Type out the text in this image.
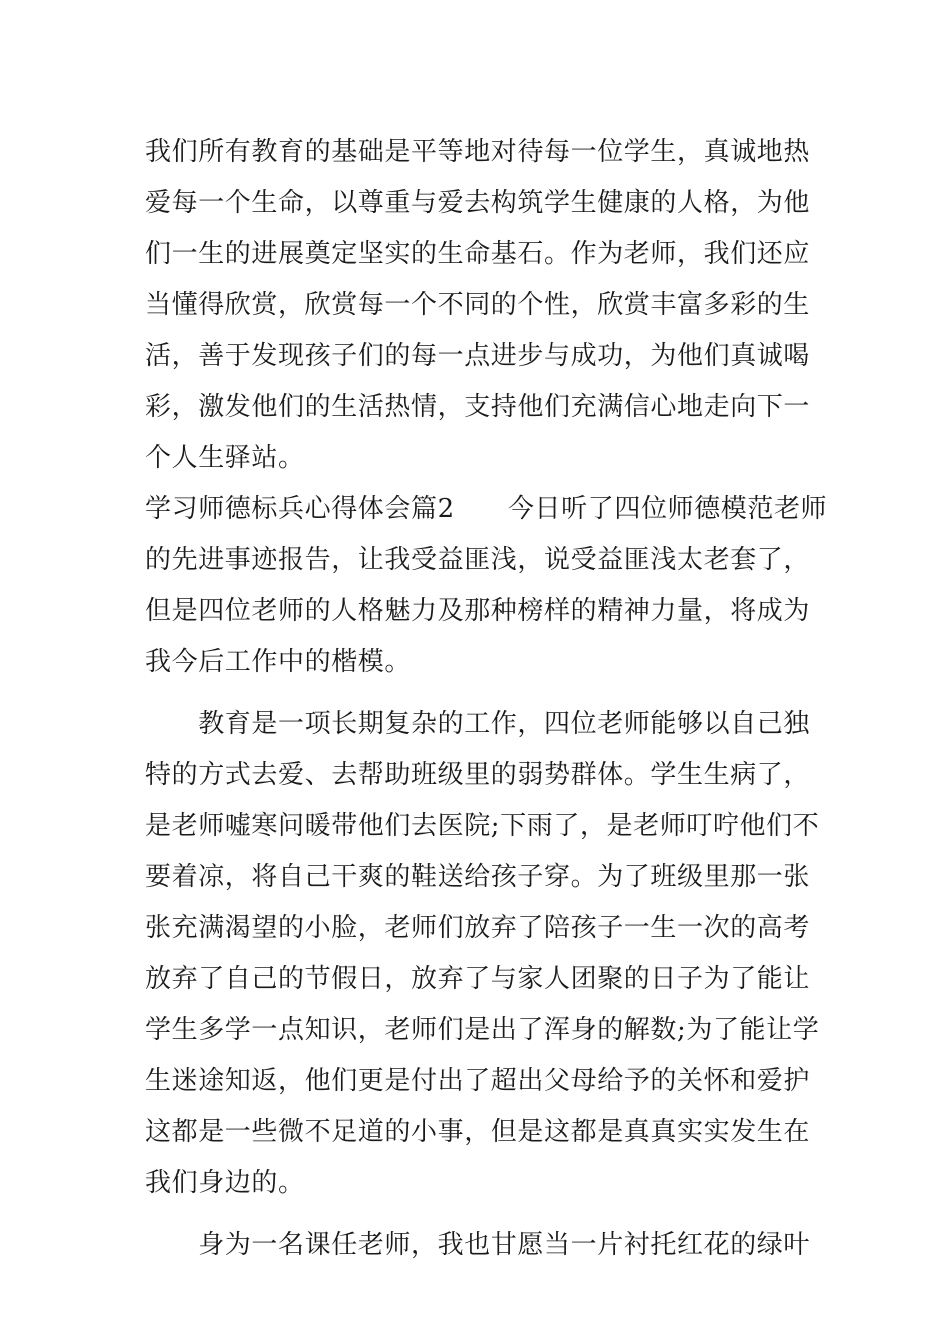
我们所有教育的基础是平等地对待每一位学生，真诚地热
爱每一个生命，以尊重与爱去构筑学生健康的人格，为他
们一生的进展奠定坚实的生命基石。作为老师，我们还应
当懂得欣赏，欣赏每一个不同的个性，欣赏丰富多彩的生
活，善于发现孩子们的每一点进步与成功，为他们真诚喝
彩，激发他们的生活热情，支持他们充满信心地走向下一
个人生驿站。
学习师德标兵心得体会篇2　　今日听了四位师德模范老师
的先进事迹报告，让我受益匪浅，说受益匪浅太老套了，
但是四位老师的人格魅力及那种榜样的精神力量，将成为
我今后工作中的楷模。
　　教育是一项长期复杂的工作，四位老师能够以自己独
特的方式去爱、去帮助班级里的弱势群体。学生生病了，
是老师嘘寒问暖带他们去医院;下雨了，是老师叮咛他们不
要着凉，将自己干爽的鞋送给孩子穿。为了班级里那一张
张充满渴望的小脸，老师们放弃了陪孩子一生一次的高考
放弃了自己的节假日，放弃了与家人团聚的日子为了能让
学生多学一点知识，老师们是出了浑身的解数;为了能让学
生迷途知返，他们更是付出了超出父母给予的关怀和爱护
这都是一些微不足道的小事，但是这都是真真实实发生在
我们身边的。
　　身为一名课任老师，我也甘愿当一片衬托红花的绿叶
